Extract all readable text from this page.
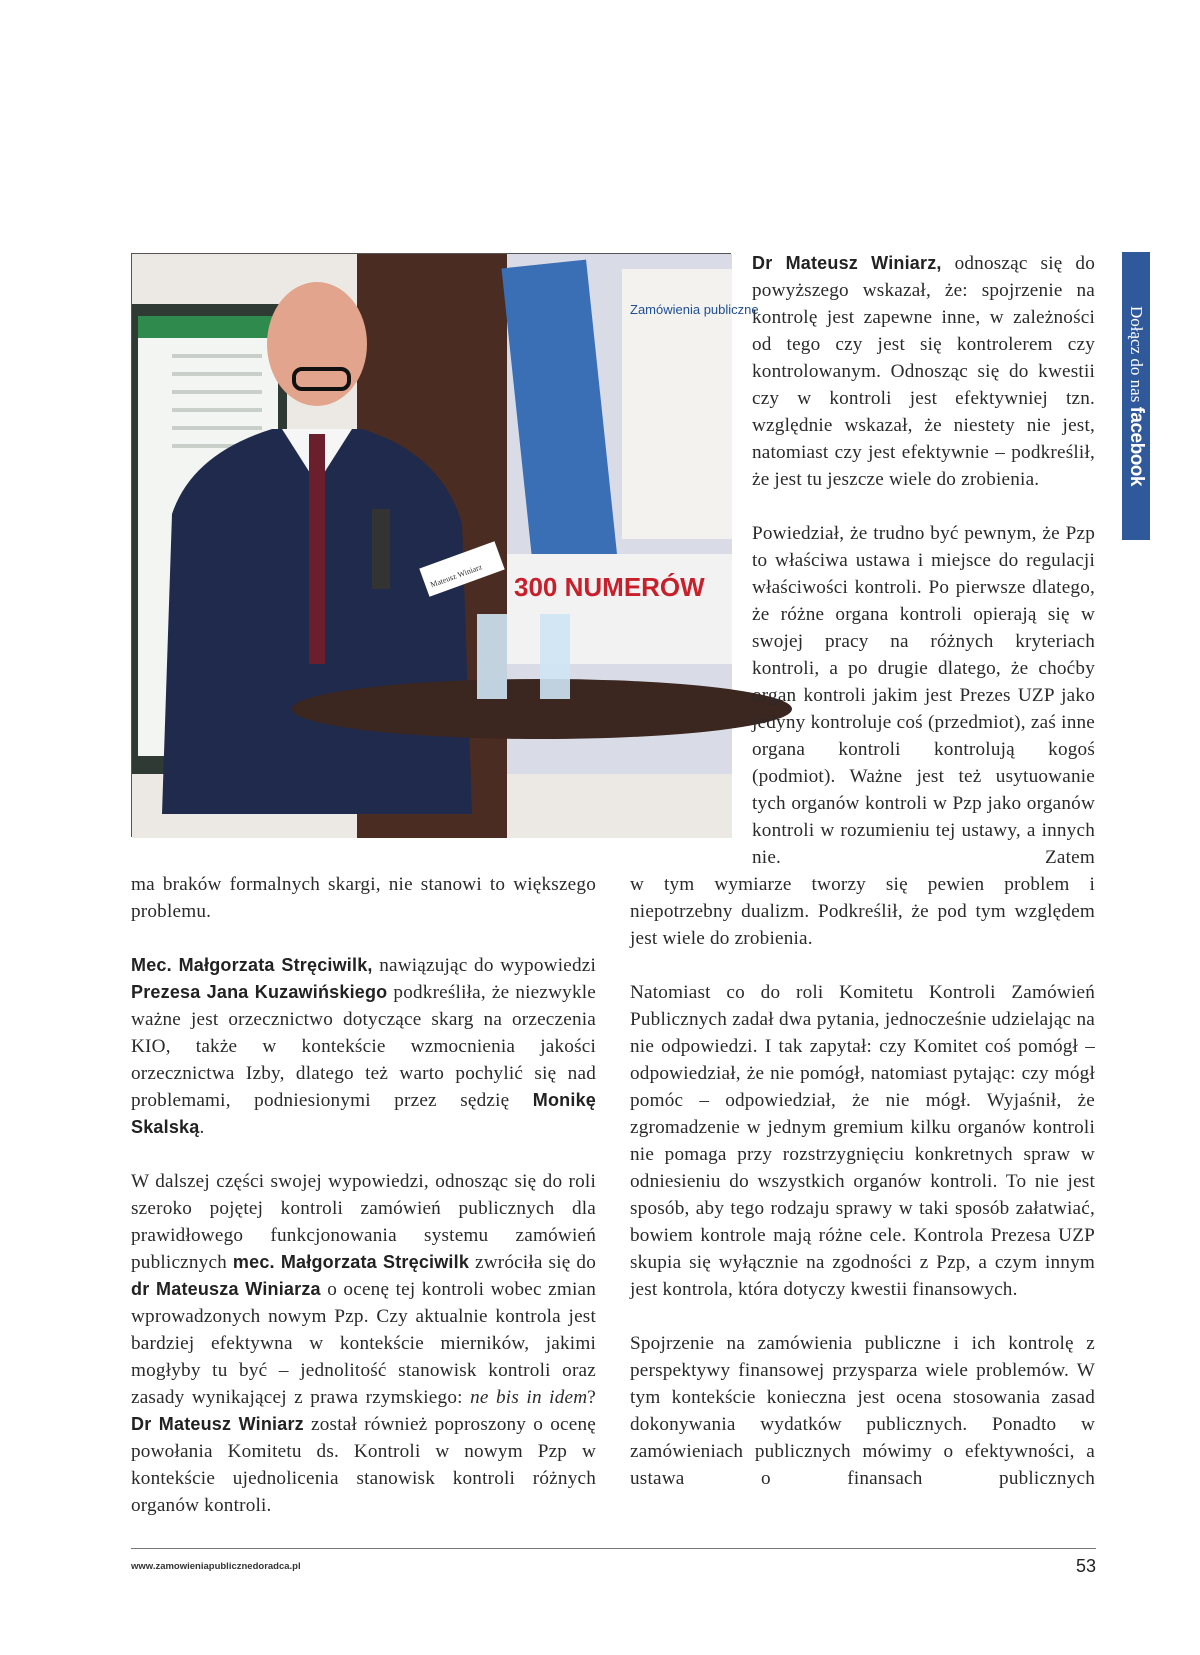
Zamówienia publiczne
Mateusz Winiarz 300 NUMERÓW

Dr Mateusz Winiarz, odnosząc się do powyższego wskazał, że: spojrzenie na kontrolę jest zapewne inne, w zależności od tego czy jest się kontrolerem czy kontrolowanym. Odnosząc się do kwestii czy w kontroli jest efektywniej tzn. względnie wskazał, że niestety nie jest, natomiast czy jest efektywnie – podkreślił, że jest tu jeszcze wiele do zrobienia.

Powiedział, że trudno być pewnym, że Pzp to właściwa ustawa i miejsce do regulacji właściwości kontroli. Po pierwsze dlatego, że różne organa kontroli opierają się w swojej pracy na różnych kryteriach kontroli, a po drugie dlatego, że choćby organ kontroli jakim jest Prezes UZP jako jedyny kontroluje coś (przedmiot), zaś inne organa kontroli kontrolują kogoś (podmiot). Ważne jest też usytuowanie tych organów kontroli w Pzp jako organów kontroli w rozumieniu tej ustawy, a innych nie. Zatem

w tym wymiarze tworzy się pewien problem i niepotrzebny dualizm. Podkreślił, że pod tym względem jest wiele do zrobienia.

Natomiast co do roli Komitetu Kontroli Zamówień Publicznych zadał dwa pytania, jednocześnie udzielając na nie odpowiedzi. I tak zapytał: czy Komitet coś pomógł – odpowiedział, że nie pomógł, natomiast pytając: czy mógł pomóc – odpowiedział, że nie mógł. Wyjaśnił, że zgromadzenie w jednym gremium kilku organów kontroli nie pomaga przy rozstrzygnięciu konkretnych spraw w odniesieniu do wszystkich organów kontroli. To nie jest sposób, aby tego rodzaju sprawy w taki sposób załatwiać, bowiem kontrole mają różne cele. Kontrola Prezesa UZP skupia się wyłącznie na zgodności z Pzp, a czym innym jest kontrola, która dotyczy kwestii finansowych.

Spojrzenie na zamówienia publiczne i ich kontrolę z perspektywy finansowej przysparza wiele problemów. W tym kontekście konieczna jest ocena stosowania zasad dokonywania wydatków publicznych. Ponadto w zamówieniach publicznych mówimy o efektywności, a ustawa o finansach publicznych

ma braków formalnych skargi, nie stanowi to większego problemu.

Mec. Małgorzata Stręciwilk, nawiązując do wypowiedzi Prezesa Jana Kuzawińskiego podkreśliła, że niezwykle ważne jest orzecznictwo dotyczące skarg na orzeczenia KIO, także w kontekście wzmocnienia jakości orzecznictwa Izby, dlatego też warto pochylić się nad problemami, podniesionymi przez sędzię Monikę Skalską.

W dalszej części swojej wypowiedzi, odnosząc się do roli szeroko pojętej kontroli zamówień publicznych dla prawidłowego funkcjonowania systemu zamówień publicznych mec. Małgorzata Stręciwilk zwróciła się do dr Mateusza Winiarza o ocenę tej kontroli wobec zmian wprowadzonych nowym Pzp. Czy aktualnie kontrola jest bardziej efektywna w kontekście mierników, jakimi mogłyby tu być – jednolitość stanowisk kontroli oraz zasady wynikającej z prawa rzymskiego: ne bis in idem? Dr Mateusz Winiarz został również poproszony o ocenę powołania Komitetu ds. Kontroli w nowym Pzp w kontekście ujednolicenia stanowisk kontroli różnych organów kontroli.

Dołącz do nas facebook
www.zamowieniapublicznedoradca.pl	53
